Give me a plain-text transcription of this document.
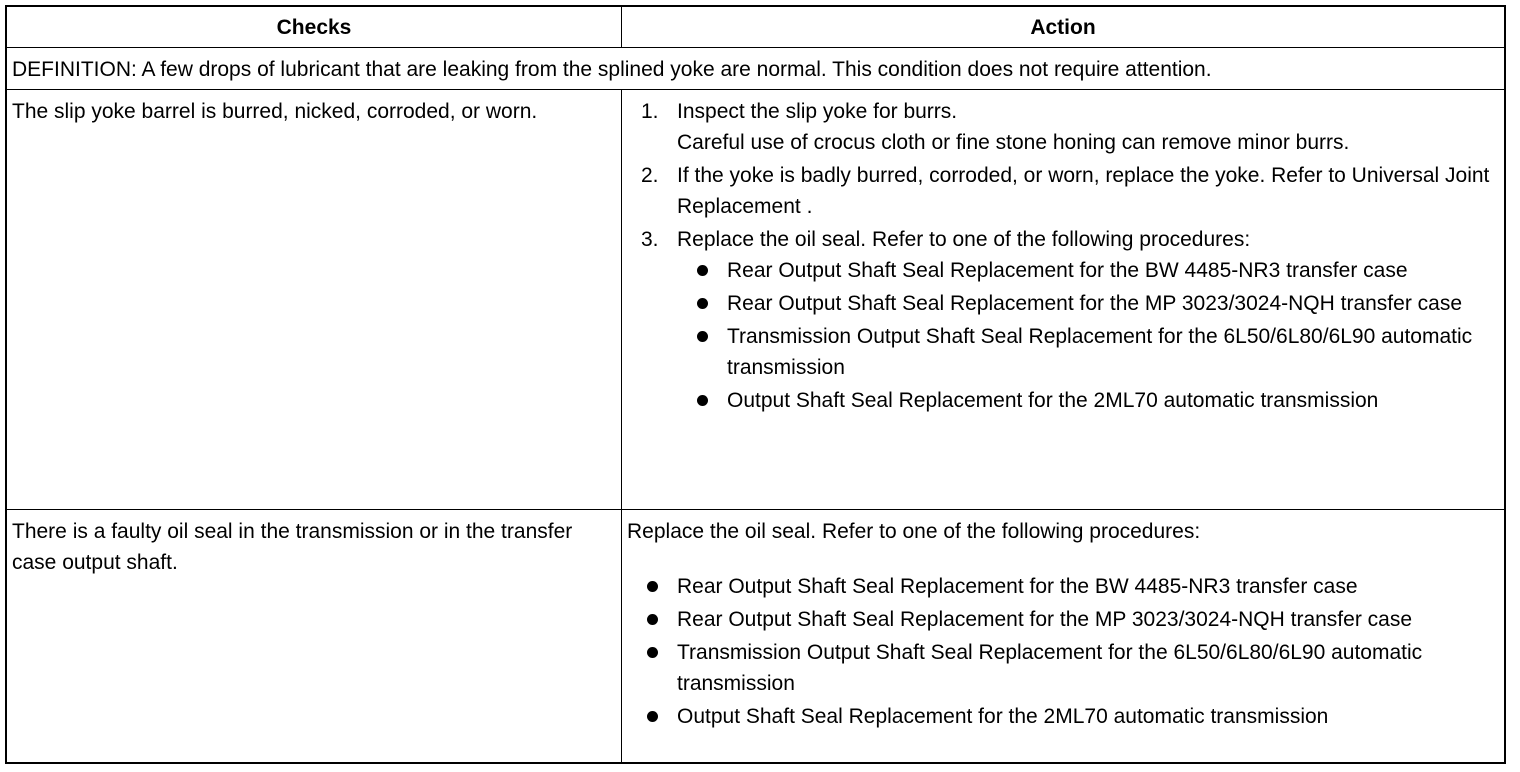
Checks	Action
DEFINITION: A few drops of lubricant that are leaking from the splined yoke are normal. This condition does not require attention.
The slip yoke barrel is burred, nicked, corroded, or worn.	1. Inspect the slip yoke for burrs.
Careful use of crocus cloth or fine stone honing can remove minor burrs.
2. If the yoke is badly burred, corroded, or worn, replace the yoke. Refer to Universal Joint Replacement .
3. Replace the oil seal. Refer to one of the following procedures:
Rear Output Shaft Seal Replacement for the BW 4485-NR3 transfer case
Rear Output Shaft Seal Replacement for the MP 3023/3024-NQH transfer case
Transmission Output Shaft Seal Replacement for the 6L50/6L80/6L90 automatic transmission
Output Shaft Seal Replacement for the 2ML70 automatic transmission
There is a faulty oil seal in the transmission or in the transfer case output shaft.
Replace the oil seal. Refer to one of the following procedures:
Rear Output Shaft Seal Replacement for the BW 4485-NR3 transfer case
Rear Output Shaft Seal Replacement for the MP 3023/3024-NQH transfer case
Transmission Output Shaft Seal Replacement for the 6L50/6L80/6L90 automatic transmission
Output Shaft Seal Replacement for the 2ML70 automatic transmission
